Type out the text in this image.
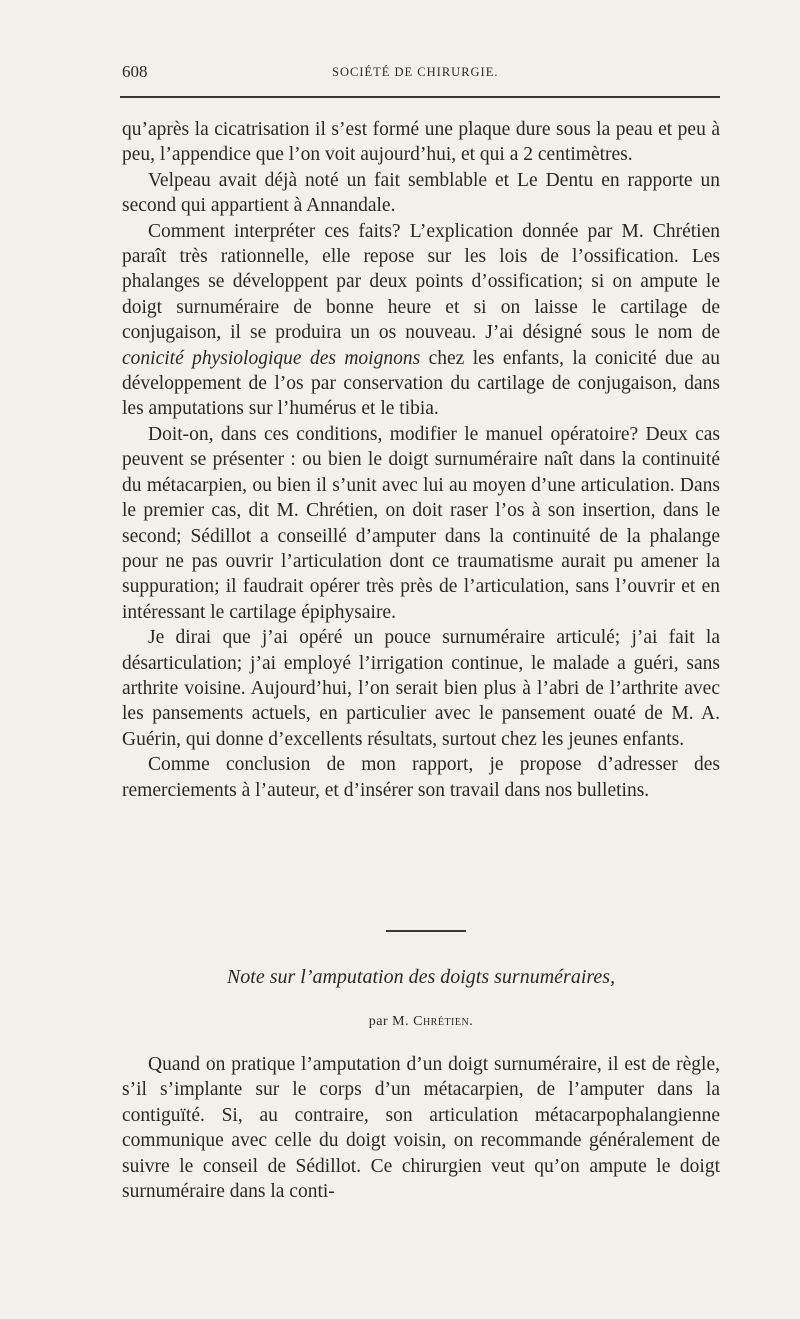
608	SOCIÉTÉ DE CHIRURGIE.

qu’après la cicatrisation il s’est formé une plaque dure sous la peau et peu à peu, l’appendice que l’on voit aujourd’hui, et qui a 2 centimètres.

Velpeau avait déjà noté un fait semblable et Le Dentu en rapporte un second qui appartient à Annandale.

Comment interpréter ces faits? L’explication donnée par M. Chrétien paraît très rationnelle, elle repose sur les lois de l’ossification. Les phalanges se développent par deux points d’ossification; si on ampute le doigt surnuméraire de bonne heure et si on laisse le cartilage de conjugaison, il se produira un os nouveau. J’ai désigné sous le nom de conicité physiologique des moignons chez les enfants, la conicité due au développement de l’os par conservation du cartilage de conjugaison, dans les amputations sur l’humérus et le tibia.

Doit-on, dans ces conditions, modifier le manuel opératoire? Deux cas peuvent se présenter : ou bien le doigt surnuméraire naît dans la continuité du métacarpien, ou bien il s’unit avec lui au moyen d’une articulation. Dans le premier cas, dit M. Chrétien, on doit raser l’os à son insertion, dans le second; Sédillot a conseillé d’amputer dans la continuité de la phalange pour ne pas ouvrir l’articulation dont ce traumatisme aurait pu amener la suppuration; il faudrait opérer très près de l’articulation, sans l’ouvrir et en intéressant le cartilage épiphysaire.

Je dirai que j’ai opéré un pouce surnuméraire articulé; j’ai fait la désarticulation; j’ai employé l’irrigation continue, le malade a guéri, sans arthrite voisine. Aujourd’hui, l’on serait bien plus à l’abri de l’arthrite avec les pansements actuels, en particulier avec le pansement ouaté de M. A. Guérin, qui donne d’excellents résultats, surtout chez les jeunes enfants.

Comme conclusion de mon rapport, je propose d’adresser des remerciements à l’auteur, et d’insérer son travail dans nos bulletins.

Note sur l’amputation des doigts surnuméraires,
par M. Chrétien.

Quand on pratique l’amputation d’un doigt surnuméraire, il est de règle, s’il s’implante sur le corps d’un métacarpien, de l’amputer dans la contiguïté. Si, au contraire, son articulation métacarpophalangienne communique avec celle du doigt voisin, on recommande généralement de suivre le conseil de Sédillot. Ce chirurgien veut qu’on ampute le doigt surnuméraire dans la conti-
